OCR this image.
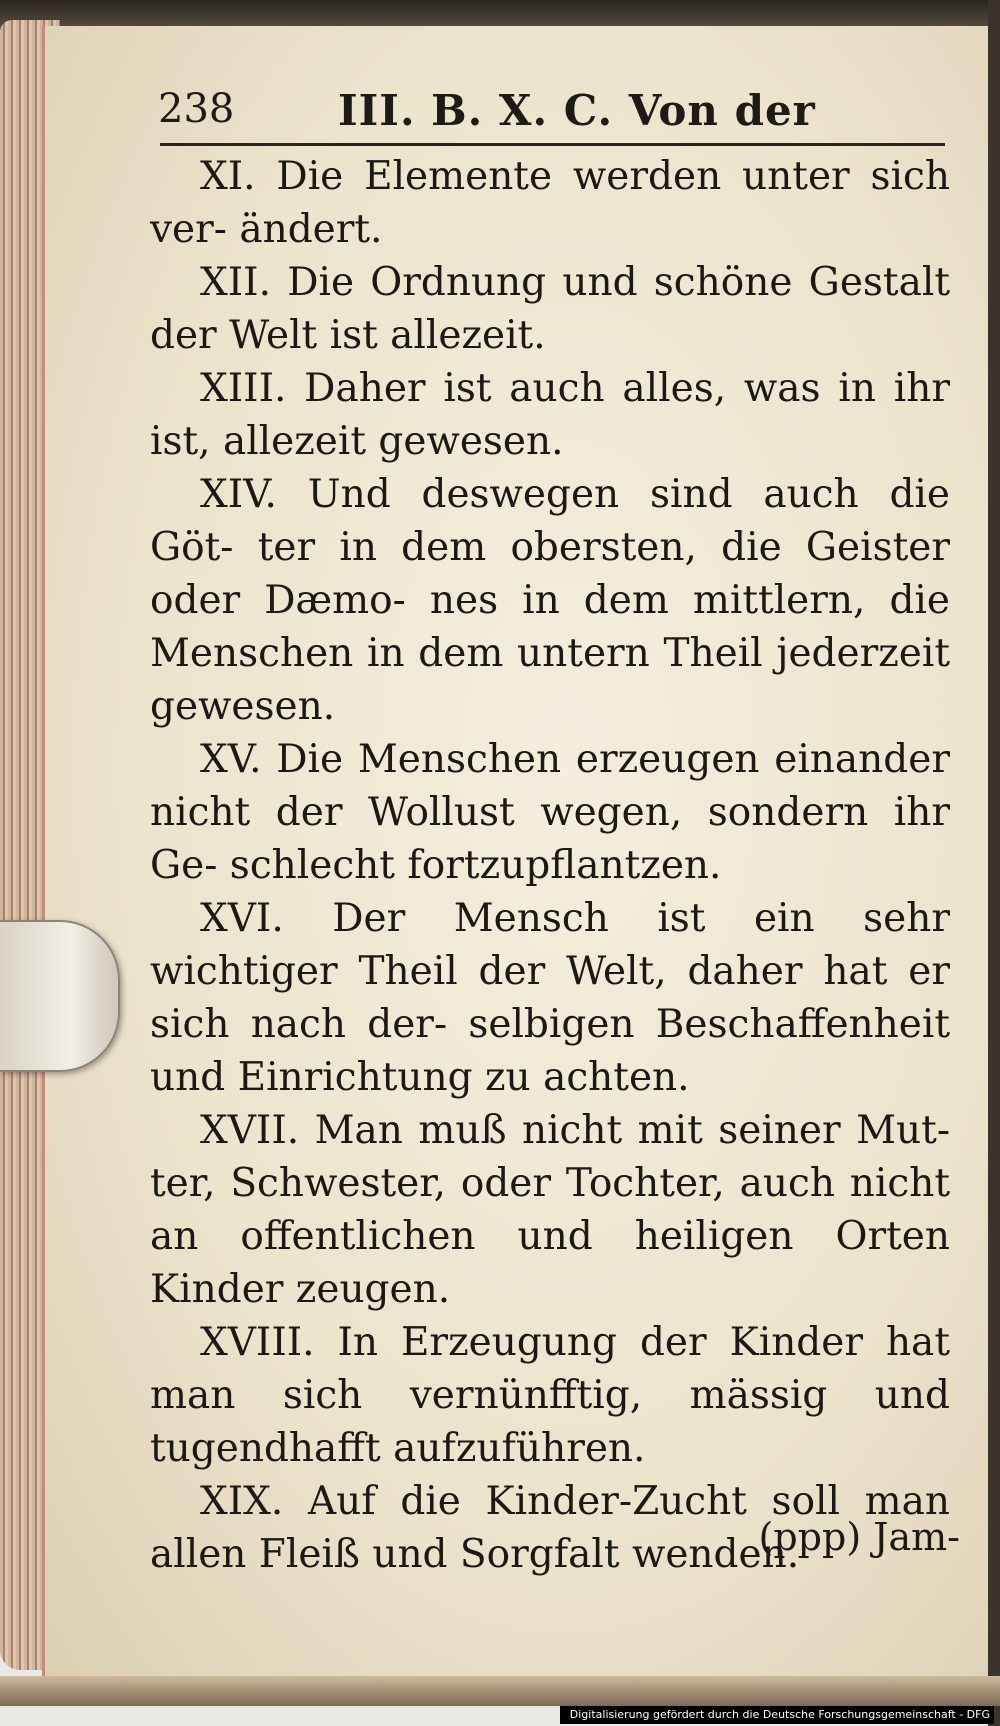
238 III. B. X. C. Von der

XI. Die Elemente werden unter sich ver- ändert.

XII. Die Ordnung und schöne Gestalt der Welt ist allezeit.

XIII. Daher ist auch alles, was in ihr ist, allezeit gewesen.

XIV. Und deswegen sind auch die Göt- ter in dem obersten, die Geister oder Dæmo- nes in dem mittlern, die Menschen in dem untern Theil jederzeit gewesen.

XV. Die Menschen erzeugen einander nicht der Wollust wegen, sondern ihr Ge- schlecht fortzupflantzen.

XVI. Der Mensch ist ein sehr wichtiger Theil der Welt, daher hat er sich nach der- selbigen Beschaffenheit und Einrichtung zu achten.

XVII. Man muß nicht mit seiner Mut- ter, Schwester, oder Tochter, auch nicht an offentlichen und heiligen Orten Kinder zeugen.

XVIII. In Erzeugung der Kinder hat man sich vernünfftig, mässig und tugendhafft aufzuführen.

XIX. Auf die Kinder-Zucht soll man allen Fleiß und Sorgfalt wenden.

(ppp) Jam-
Digitalisierung gefördert durch die Deutsche Forschungsgemeinschaft - DFG
